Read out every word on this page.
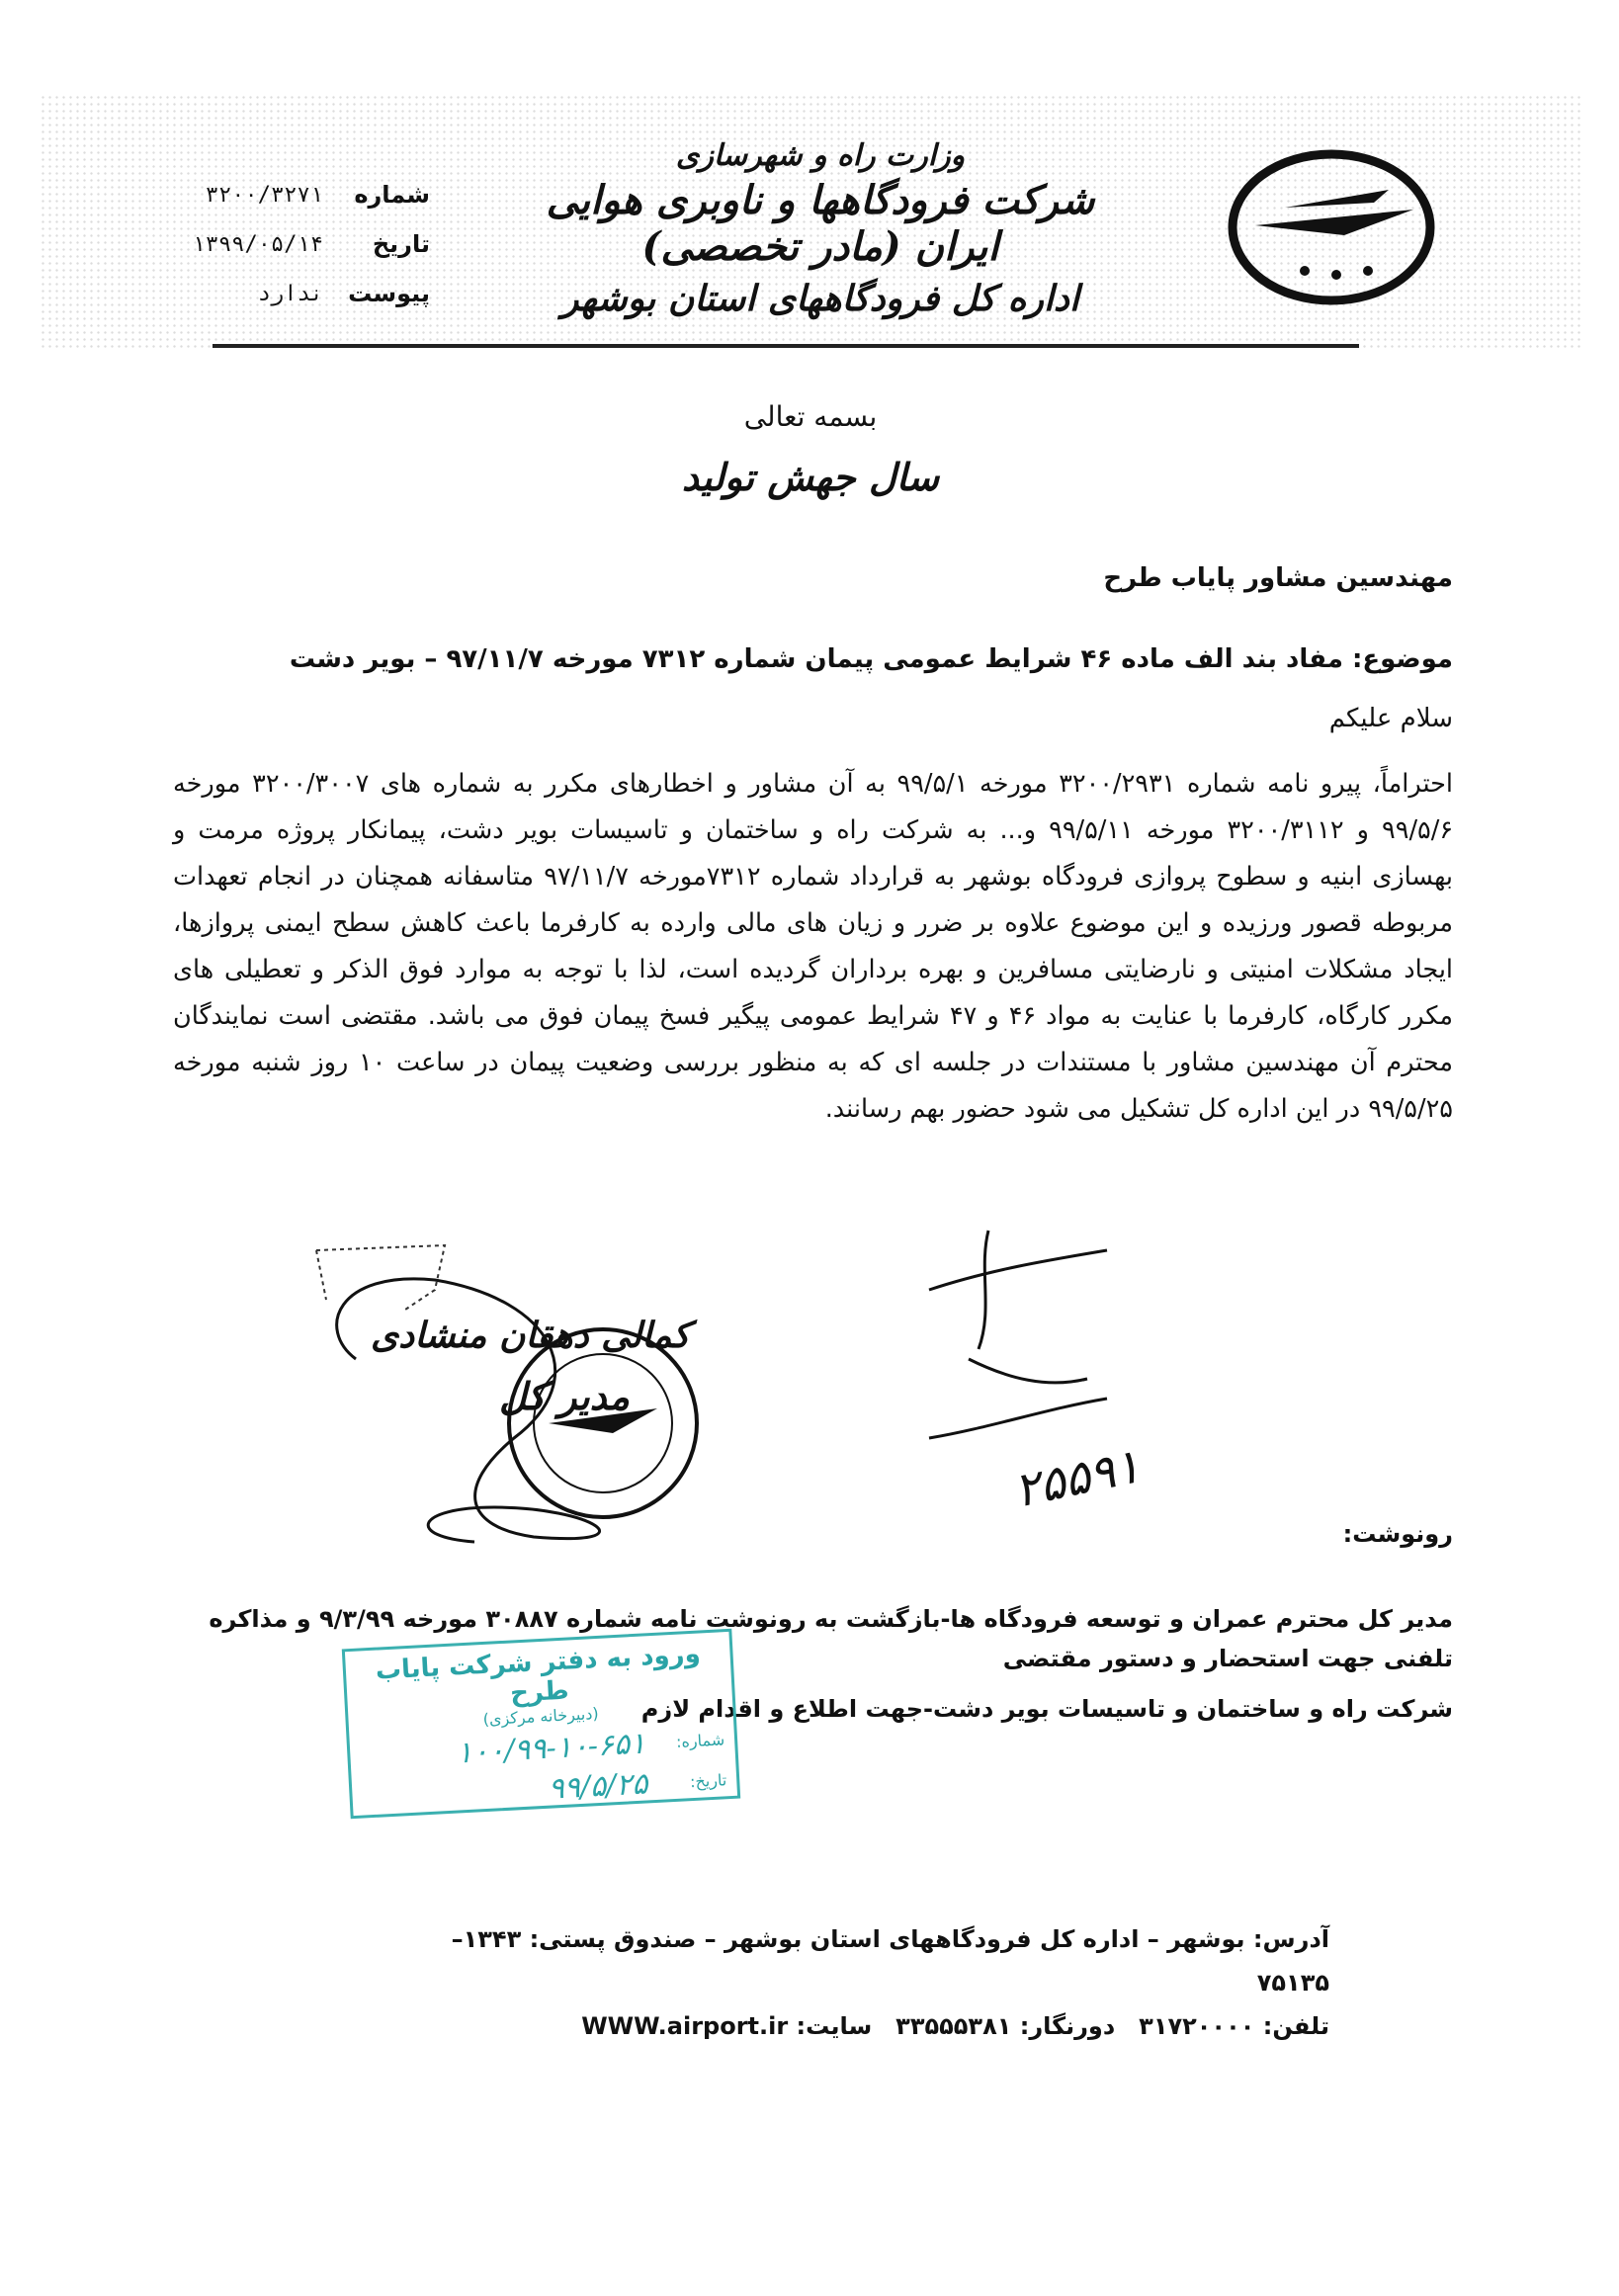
وزارت راه و شهرسازی
شرکت فرودگاهها و ناوبری هوایی ایران (مادر تخصصی)
اداره کل فرودگاههای استان بوشهر
شماره
۳۲۰۰/۳۲۷۱
تاریخ
۱۳۹۹/۰۵/۱۴
پیوست
ندارد
بسمه تعالی
سال جهش تولید
مهندسین مشاور پایاب طرح
موضوع: مفاد بند الف ماده ۴۶ شرایط عمومی پیمان شماره ۷۳۱۲ مورخه ۹۷/۱۱/۷ – بویر دشت
سلام علیکم
احتراماً، پیرو نامه شماره ۳۲۰۰/۲۹۳۱ مورخه ۹۹/۵/۱ به آن مشاور و اخطارهای مکرر به شماره های ۳۲۰۰/۳۰۰۷ مورخه ۹۹/۵/۶ و ۳۲۰۰/۳۱۱۲ مورخه ۹۹/۵/۱۱ و... به شرکت راه و ساختمان و تاسیسات بویر دشت، پیمانکار پروژه مرمت و بهسازی ابنیه و سطوح پروازی فرودگاه بوشهر به قرارداد شماره ۷۳۱۲مورخه ۹۷/۱۱/۷ متاسفانه همچنان در انجام تعهدات مربوطه قصور ورزیده و این موضوع علاوه بر ضرر و زیان های مالی وارده به کارفرما باعث کاهش سطح ایمنی پروازها، ایجاد مشکلات امنیتی و نارضایتی مسافرین و بهره برداران گردیده است، لذا با توجه به موارد فوق الذکر و تعطیلی های مکرر کارگاه، کارفرما با عنایت به مواد ۴۶ و ۴۷ شرایط عمومی پیگیر فسخ پیمان فوق می باشد. مقتضی است نمایندگان محترم آن مهندسین مشاور با مستندات در جلسه ای که به منظور بررسی وضعیت پیمان در ساعت ۱۰ روز شنبه مورخه ۹۹/۵/۲۵ در این اداره کل تشکیل می شود حضور بهم رسانند.
۲۵۵۹۱
کمالی دهقان منشادی
مدیر کل
رونوشت:
مدیر کل محترم عمران و توسعه فرودگاه ها-بازگشت به رونوشت نامه شماره ۳۰۸۸۷ مورخه ۹/۳/۹۹ و مذاکره تلفنی جهت استحضار و دستور مقتضی
شرکت راه و ساختمان و تاسیسات بویر دشت-جهت اطلاع و اقدام لازم
ورود به دفتر شرکت پایاب طرح
(دبیرخانه مرکزی)
شماره:
۱۰۰/۹۹-۱۰-۶۵۱
تاریخ:
۹۹/۵/۲۵
آدرس: بوشهر – اداره کل فرودگاههای استان بوشهر – صندوق پستی: ۱۳۴۳–۷۵۱۳۵
تلفن: ۳۱۷۲۰۰۰۰
دورنگار: ۳۳۵۵۵۳۸۱
سایت: WWW.airport.ir
